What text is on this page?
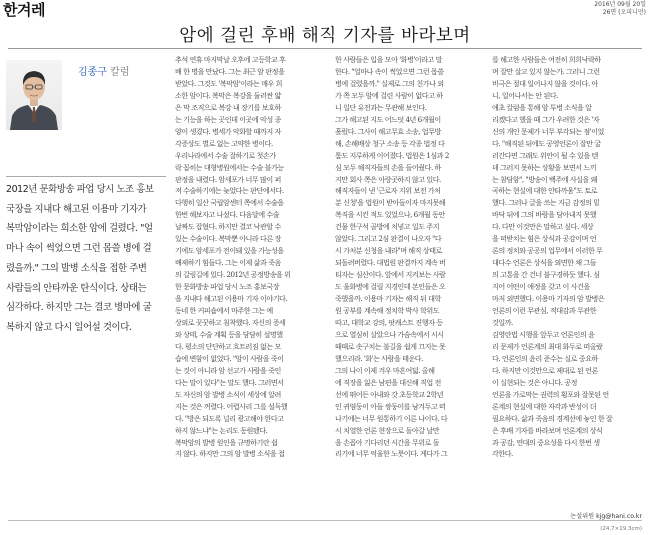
한겨레	2016년 09월 20일
26면 (오피니언)
암에 걸린 후배 해직 기자를 바라보며
김종구 칼럼
2012년 문화방송 파업 당시 노조 홍보
국장을 지내다 해고된 이용마 기자가
복막암이라는 희소한 암에 걸렸다. "얼
마나 속이 썩었으면 그런 몹쓸 병에 걸
렸을까." 그의 발병 소식을 접한 주변
사람들의 안타까운 탄식이다. 상태는
심각하다. 하지만 그는 결코 병마에 굴
복하지 않고 다시 일어설 것이다.
추석 연휴 마지막날 오후에 고등학교 후
배 한 명을 만났다. 그는 최근 암 판정을
받았다. 그것도 '복막암'이라는 매우 희
소한 암이다. 복막은 복강을 둘러싼 얇
은 막 조직으로 복강 내 장기를 보호하
는 기능을 하는 곳인데 이곳에 악성 종
양이 생겼다. 병세가 악화할 때까지 자
각증상도 별로 없는 고약한 병이다.
우리나라에서 수술 잘하기로 첫손가
락 꼽히는 대형병원에서는 수술 불가능
판정을 내렸다. 암세포가 너무 많이 퍼
져 수술하기에는 늦었다는 판단에서다.
다행히 일산 국립암센터 쪽에서 수술을
한번 해보자고 나섰다. 다음달에 수술
날짜도 잡혔다. 하지만 결코 낙관할 수
있는 수술이다. 복막뿐 아니라 다른 장
기에도 암세포가 전이돼 있을 가능성을
배제하기 힘들다. 그는 이제 삶과 죽음
의 갈림길에 있다. 2012년 공정방송을 위
한 문화방송 파업 당시 노조 홍보국장
을 지내다 해고된 이용마 기자 이야기다.
동네 한 커피숍에서 마주한 그는 예
상외로 꿋꿋하고 침착했다. 자신의 증세
와 상태, 수술 계획 등을 담담히 설명했
다. 평소의 단단하고 흐트러짐 없는 모
습에 변함이 없었다. "암이 사람을 죽이
는 것이 아니라 암 선고가 사람을 죽인
다는 말이 있다"는 말도 했다. 그러면서
도 자신의 암 발병 소식이 세상에 알려
지는 것은 꺼렸다. 어렵사리 그를 설득했
다. "방은 되도록 널리 광고해야 한다고
하지 않느냐"는 논리도 동원됐다.
복막암의 발병 원인을 규명하기란 쉽
지 않다. 하지만 그의 암 발병 소식을 접
한 사람들은 입을 모아 '화병'이라고 말
한다. "얼마나 속이 썩었으면 그런 몹쓸
병에 걸렸을까." 실제로 그의 친가나 외
가 쪽 모두 암에 걸린 사람이 없다고 하
니 일단 유전과는 무관해 보인다.
그가 해고된 지도 어느덧 4년 6개월이
흘렀다. 그사이 해고무효 소송, 업무방
해, 손해배상 청구 소송 등 각종 법정 다
툼도 지루하게 이어졌다. 법원은 1심과 2
심 모두 해직자들의 손을 들어줬다. 하
지만 회사 쪽은 아랑곳하지 않고 있다.
해직자들이 낸 '근로자 지위 보전 가처
분 신청'을 법원이 받아들이자 마지못해
복직을 시킨 적도 있었으나, 6개월 동안
건물 한구석 골방에 처넣고 일도 주지
않았다. 그리고 2심 판결이 나오자 "다
시 가처분 신청을 내라"며 해직 상태로
되돌려버렸다. 대법원 판결까지 계속 버
티자는 심산이다. 앞에서 지켜보는 사람
도 울화병에 걸릴 지경인데 본인들은 오
죽했을까. 이용마 기자는 해직 뒤 대학
원 공부를 계속해 정치학 박사 학위도
따고, 대학교 강의, 팟캐스트 진행자 등
으로 열심히 살았으나 가슴속에서 시시
때때로 솟구치는 불길을 쉽게 끄지는 못
했으리라. '화'는 사람을 태운다.
그의 나이 이제 겨우 마흔여덟. 올해
에 직장을 잃은 남편을 대신해 직업 전
선에 뛰어든 아내와 갓 초등학교 2학년
인 귀염둥이 아들 쌍둥이를 남겨두고 떠
나기에는 너무 원통하기 이른 나이다. 다
시 치열한 언론 현장으로 돌아갈 날만
을 손꼽아 기다리던 시간을 무위로 돌
리기에 너무 억울한 노릇이다. 게다가 그
를 해고한 사람들은 여전히 희희낙락하
며 잘만 살고 있지 않는가. 그러니 그런
비극은 절대 일어나지 않을 것이다. 아
니, 일어나서는 안 된다.
애초 칼럼을 통해 암 투병 소식을 알
리겠다고 했을 때 그가 우려한 것은 '자
신의 개인 문제가 너무 부각되는 점'이었
다. "해직된 뒤에도 공영언론이 잘만 굴
러간다면 그래도 위안이 될 수 있을 텐
데 그러지 못하는 상황을 보면서 느끼
는 참담함", "방송이 백주에 사실을 왜
곡하는 현실에 대한 안타까움"도 토로
했다. 그러나 글을 쓰는 지금 감정의 밑
바닥 뒤에 그의 바람을 담아내지 못했
다. 다만 이것만은 말하고 싶다. 세상
을 떠받치는 힘은 상식과 공감이며 언
론의 정치와 공공의 업무에서 이러한 무
대다수 언론은 상식을 외면한 채 그들
의 고통을 간 건너 불구경하듯 했다. 심
지어 어떤이 애정을 갖고 이 사건을
마저 외면했다. 이용마 기자의 암 발병은
언론의 이런 무관심, 적대감과 무관한
것일까.
김영란법 시행을 앞두고 언론인의 윤
리 문제가 언론계의 최대 화두로 떠올랐
다. 언론인의 윤리 준수는 실로 중요하
다. 하지만 이것만으로 제대로 된 언론
이 실현되는 것은 아니다. 공정
언론을 가로막는 권력의 횡포와 잘못된 언
론계의 현실에 대한 자각과 반성이 더
필요하다. 삶과 죽음의 경계선에 놓인 한 잘
은 후배 기자를 바라보며 언론계의 상식
과 공감, 연대의 중요성을 다시 한번 생
각한다.
논설위원 kjg@hani.co.kr
(24.7×19.3cm)
